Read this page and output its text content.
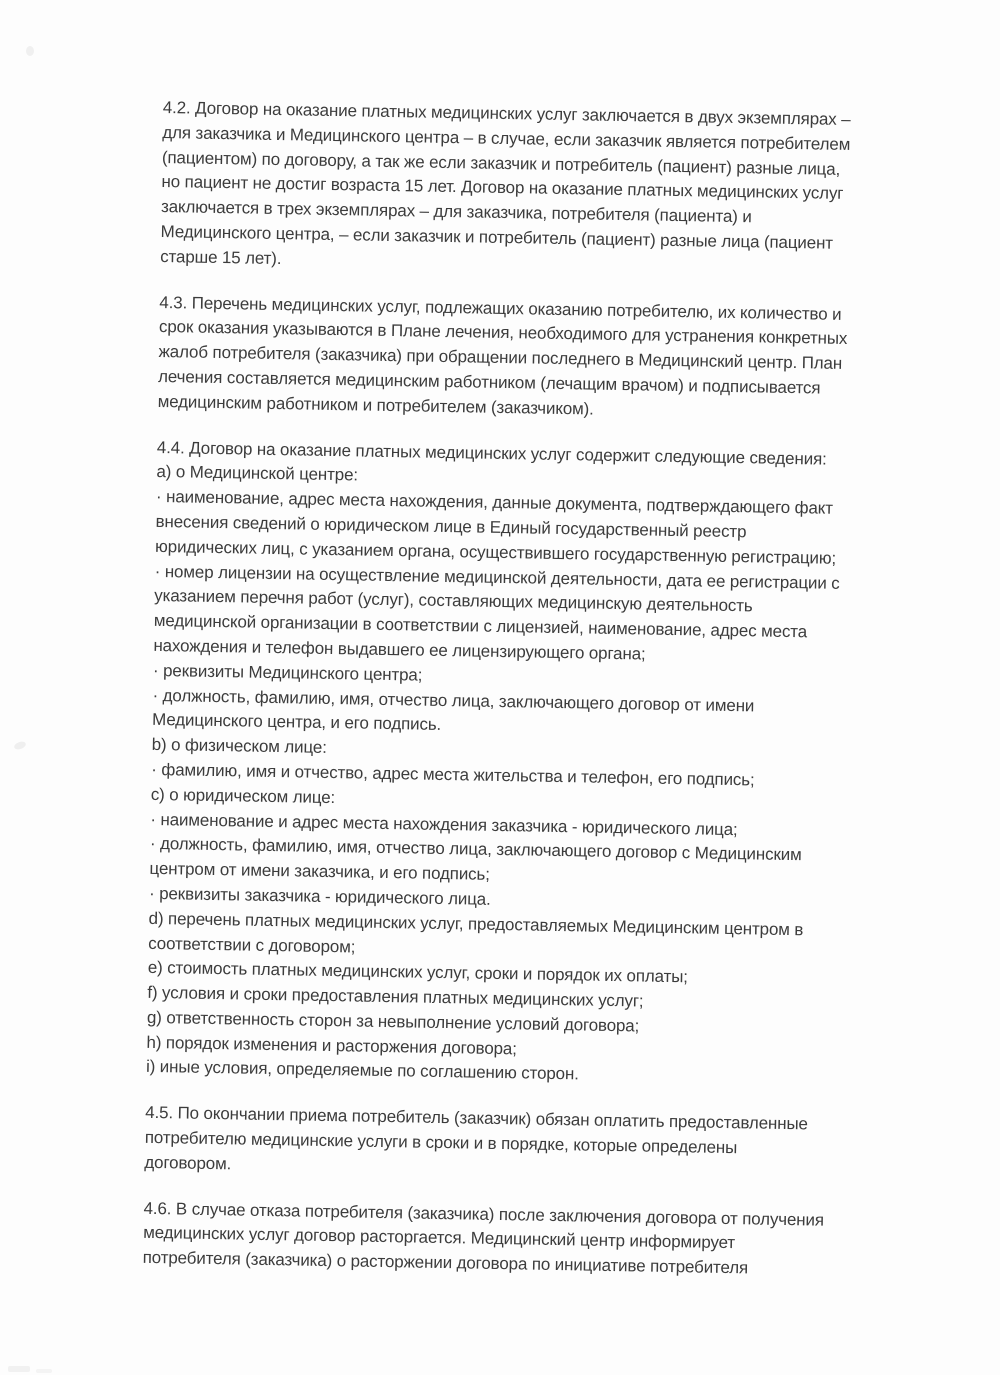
4.2. Договор на оказание платных медицинских услуг заключается в двух экземплярах –
для заказчика и Медицинского центра – в случае, если заказчик является потребителем
(пациентом) по договору, а так же если заказчик и потребитель (пациент) разные лица,
но пациент не достиг возраста 15 лет. Договор на оказание платных медицинских услуг
заключается в трех экземплярах – для заказчика, потребителя (пациента) и
Медицинского центра, – если заказчик и потребитель (пациент) разные лица (пациент
старше 15 лет).

4.3. Перечень медицинских услуг, подлежащих оказанию потребителю, их количество и
срок оказания указываются в Плане лечения, необходимого для устранения конкретных
жалоб потребителя (заказчика) при обращении последнего в Медицинский центр. План
лечения составляется медицинским работником (лечащим врачом) и подписывается
медицинским работником и потребителем (заказчиком).

4.4. Договор на оказание платных медицинских услуг содержит следующие сведения:
a) о Медицинской центре:
· наименование, адрес места нахождения, данные документа, подтверждающего факт
внесения сведений о юридическом лице в Единый государственный реестр
юридических лиц, с указанием органа, осуществившего государственную регистрацию;
· номер лицензии на осуществление медицинской деятельности, дата ее регистрации с
указанием перечня работ (услуг), составляющих медицинскую деятельность
медицинской организации в соответствии с лицензией, наименование, адрес места
нахождения и телефон выдавшего ее лицензирующего органа;
· реквизиты Медицинского центра;
· должность, фамилию, имя, отчество лица, заключающего договор от имени
Медицинского центра, и его подпись.
b) о физическом лице:
· фамилию, имя и отчество, адрес места жительства и телефон, его подпись;
c) о юридическом лице:
· наименование и адрес места нахождения заказчика - юридического лица;
· должность, фамилию, имя, отчество лица, заключающего договор с Медицинским
центром от имени заказчика, и его подпись;
· реквизиты заказчика - юридического лица.
d) перечень платных медицинских услуг, предоставляемых Медицинским центром в
соответствии с договором;
e) стоимость платных медицинских услуг, сроки и порядок их оплаты;
f) условия и сроки предоставления платных медицинских услуг;
g) ответственность сторон за невыполнение условий договора;
h) порядок изменения и расторжения договора;
i) иные условия, определяемые по соглашению сторон.

4.5. По окончании приема потребитель (заказчик) обязан оплатить предоставленные
потребителю медицинские услуги в сроки и в порядке, которые определены
договором.

4.6. В случае отказа потребителя (заказчика) после заключения договора от получения
медицинских услуг договор расторгается. Медицинский центр информирует
потребителя (заказчика) о расторжении договора по инициативе потребителя
